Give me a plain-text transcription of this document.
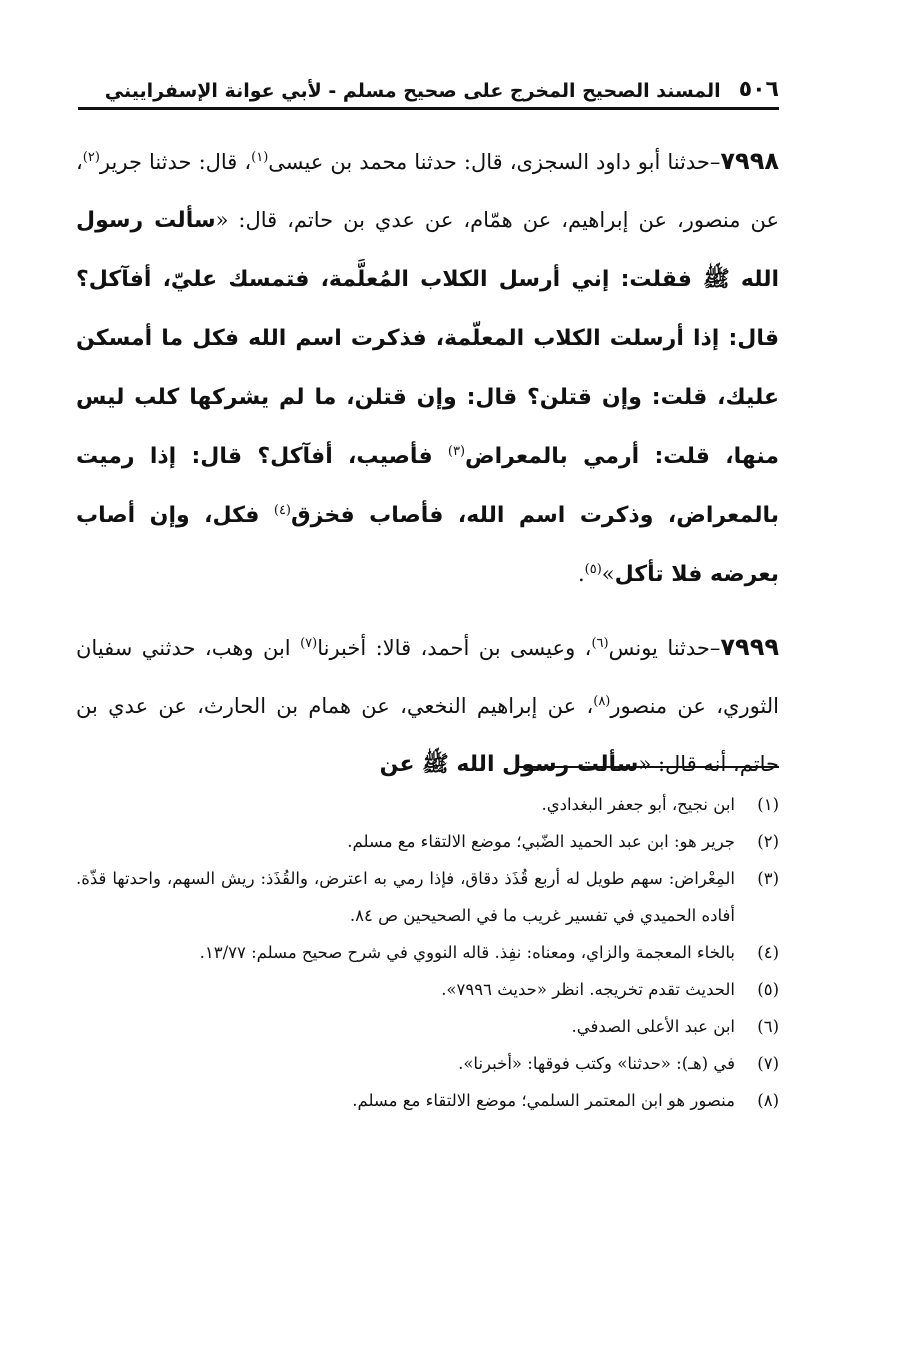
٥٠٦
المسند الصحيح المخرج على صحيح مسلم - لأبي عوانة الإسفراييني

٧٩٩٨–حدثنا أبو داود السجزى، قال: حدثنا محمد بن عيسى$^{(١)}$، قال: حدثنا جرير$^{(٢)}$، عن منصور، عن إبراهيم، عن همّام، عن عدي بن حاتم، قال: «سألت رسول الله ﷺ فقلت: إني أرسل الكلاب المُعلَّمة، فتمسك عليّ، أفآكل؟ قال: إذا أرسلت الكلاب المعلّمة، فذكرت اسم الله فكل ما أمسكن عليك، قلت: وإن قتلن؟ قال: وإن قتلن، ما لم يشركها كلب ليس منها، قلت: أرمي بالمعراض$^{(٣)}$ فأصيب، أفآكل؟ قال: إذا رميت بالمعراض، وذكرت اسم الله، فأصاب فخزق$^{(٤)}$ فكل، وإن أصاب بعرضه فلا تأكل»$^{(٥)}$.

٧٩٩٩–حدثنا يونس$^{(٦)}$، وعيسى بن أحمد، قالا: أخبرنا$^{(٧)}$ ابن وهب، حدثني سفيان الثوري، عن منصور$^{(٨)}$، عن إبراهيم النخعي، عن همام بن الحارث، عن عدي بن حاتم، أنه قال: «سألت رسول الله ﷺ عن

(١)
ابن نجيح، أبو جعفر البغدادي.
(٢)
جرير هو: ابن عبد الحميد الضّبي؛ موضع الالتقاء مع مسلم.
(٣)
المِعْراض: سهم طويل له أربع قُذَذ دقاق، فإذا رمي به اعترض، والقُذَذ: ريش السهم، واحدتها قذّة. أفاده الحميدي في تفسير غريب ما في الصحيحين ص ٨٤.
(٤)
بالخاء المعجمة والزاي، ومعناه: نفِذ. قاله النووي في شرح صحيح مسلم: ١٣/٧٧.
(٥)
الحديث تقدم تخريجه. انظر «حديث ٧٩٩٦».
(٦)
ابن عبد الأعلى الصدفي.
(٧)
في (هـ): «حدثنا» وكتب فوقها: «أخبرنا».
(٨)
منصور هو ابن المعتمر السلمي؛ موضع الالتقاء مع مسلم.
